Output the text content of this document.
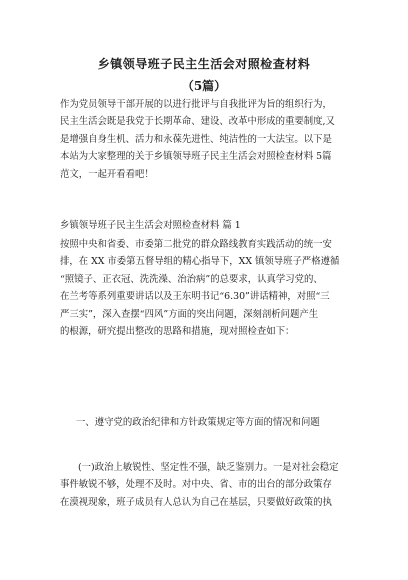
乡镇领导班子民主生活会对照检查材料
（5篇）
作为党员领导干部开展的以进行批评与自我批评为旨的组织行为，
民主生活会既是我党于长期革命、建设、改革中形成的重要制度,又
是增强自身生机、活力和永葆先进性、纯洁性的一大法宝。以下是
本站为大家整理的关于乡镇领导班子民主生活会对照检查材料 5篇
范文，一起开看看吧！
乡镇领导班子民主生活会对照检查材料 篇 1
按照中央和省委、市委第二批党的群众路线教育实践活动的统一安
排，在 XX 市委第五督导组的精心指导下，XX 镇领导班子严格遵循
“照镜子、正衣冠、洗洗澡、治治病”的总要求，认真学习党的、
在兰考等系列重要讲话以及王东明书记“6.30”讲话精神，对照“三
严三实”，深入查摆“四风”方面的突出问题，深刻剖析问题产生
的根源，研究提出整改的思路和措施，现对照检查如下：
一、遵守党的政治纪律和方针政策规定等方面的情况和问题
(一)政治上敏锐性、坚定性不强，缺乏鉴别力。一是对社会稳定
事件敏锐不够，处理不及时。对中央、省、市的出台的部分政策存
在漠视现象，班子成员有人总认为自己在基层，只要做好政策的执
